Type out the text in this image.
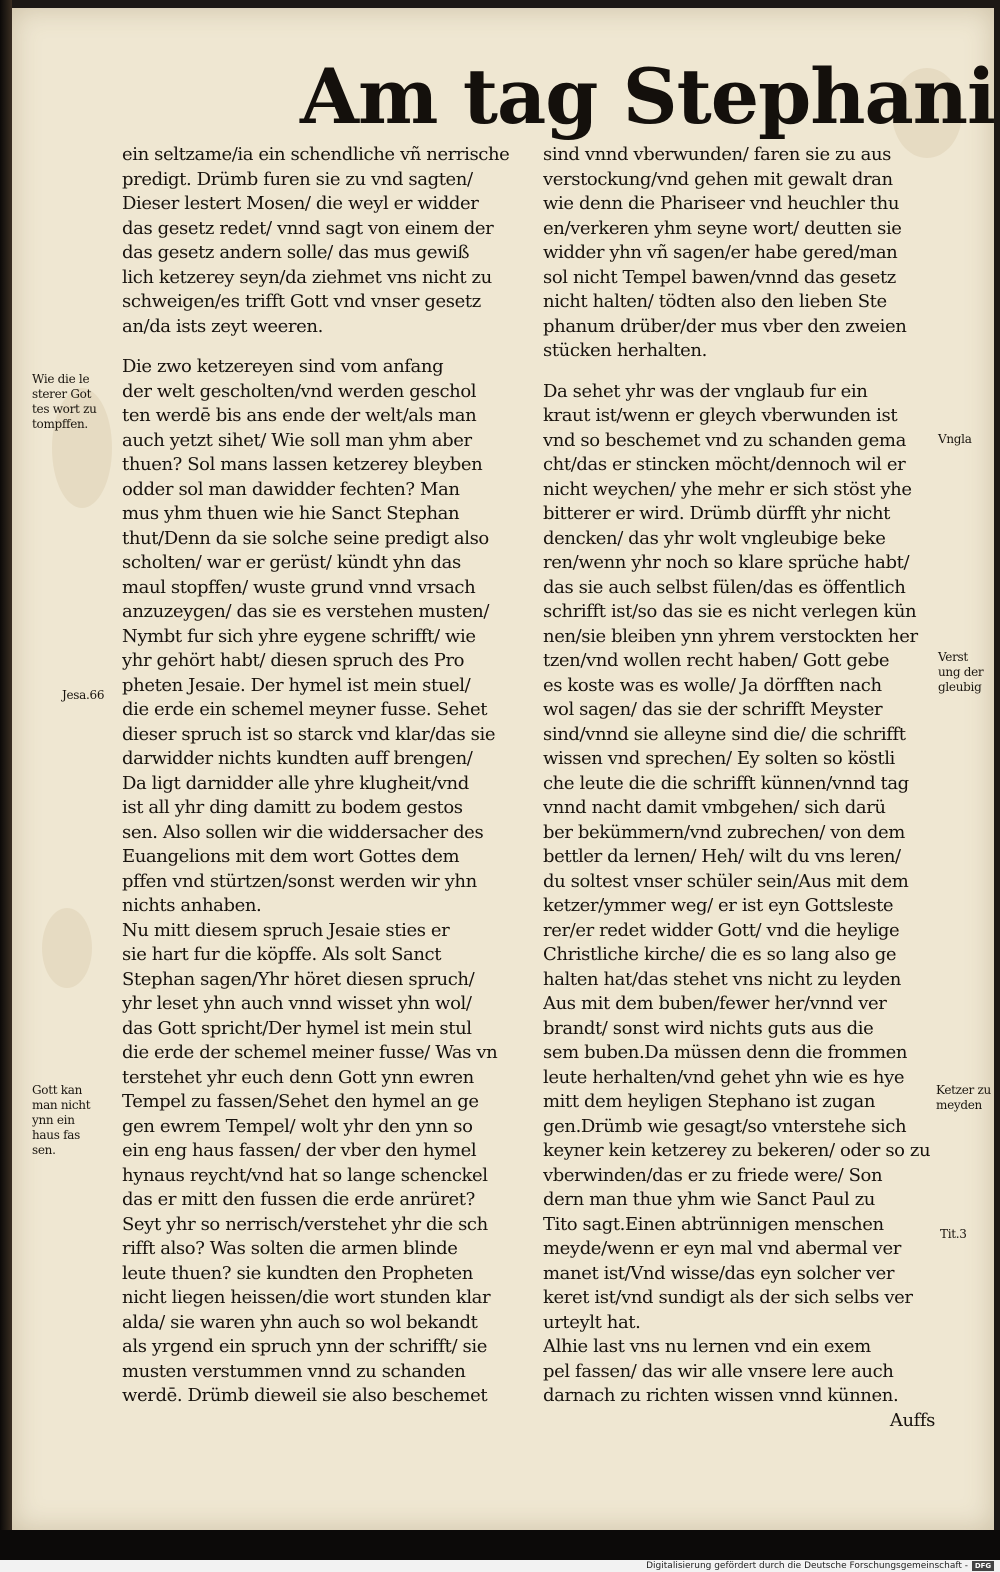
Am tag Stephani
ein seltzame/ia ein schendliche vñ nerrische
predigt. Drümb furen sie zu vnd sagten/
Dieser lestert Mosen/ die weyl er widder
das gesetz redet/ vnnd sagt von einem der
das gesetz andern solle/ das mus gewiß
lich ketzerey seyn/da ziehmet vns nicht zu
schweigen/es trifft Gott vnd vnser gesetz
an/da ists zeyt weeren.
Die zwo ketzereyen sind vom anfang
der welt gescholten/vnd werden geschol
ten werdē bis ans ende der welt/als man
auch yetzt sihet/ Wie soll man yhm aber
thuen? Sol mans lassen ketzerey bleyben
odder sol man dawidder fechten? Man
mus yhm thuen wie hie Sanct Stephan
thut/Denn da sie solche seine predigt also
scholten/ war er gerüst/ kündt yhn das
maul stopffen/ wuste grund vnnd vrsach
anzuzeygen/ das sie es verstehen musten/
Nymbt fur sich yhre eygene schrifft/ wie
yhr gehört habt/ diesen spruch des Pro
pheten Jesaie. Der hymel ist mein stuel/
die erde ein schemel meyner fusse. Sehet
dieser spruch ist so starck vnd klar/das sie
darwidder nichts kundten auff brengen/
Da ligt darnidder alle yhre klugheit/vnd
ist all yhr ding damitt zu bodem gestos
sen. Also sollen wir die widdersacher des
Euangelions mit dem wort Gottes dem
pffen vnd stürtzen/sonst werden wir yhn
nichts anhaben.
Nu mitt diesem spruch Jesaie sties er
sie hart fur die köpffe. Als solt Sanct
Stephan sagen/Yhr höret diesen spruch/
yhr leset yhn auch vnnd wisset yhn wol/
das Gott spricht/Der hymel ist mein stul
die erde der schemel meiner fusse/ Was vn
terstehet yhr euch denn Gott ynn ewren
Tempel zu fassen/Sehet den hymel an ge
gen ewrem Tempel/ wolt yhr den ynn so
ein eng haus fassen/ der vber den hymel
hynaus reycht/vnd hat so lange schenckel
das er mitt den fussen die erde anrüret?
Seyt yhr so nerrisch/verstehet yhr die sch
rifft also? Was solten die armen blinde
leute thuen? sie kundten den Propheten
nicht liegen heissen/die wort stunden klar
alda/ sie waren yhn auch so wol bekandt
als yrgend ein spruch ynn der schrifft/ sie
musten verstummen vnnd zu schanden
werdē. Drümb dieweil sie also beschemet
sind vnnd vberwunden/ faren sie zu aus
verstockung/vnd gehen mit gewalt dran
wie denn die Phariseer vnd heuchler thu
en/verkeren yhm seyne wort/ deutten sie
widder yhn vñ sagen/er habe gered/man
sol nicht Tempel bawen/vnnd das gesetz
nicht halten/ tödten also den lieben Ste
phanum drüber/der mus vber den zweien
stücken herhalten.
Da sehet yhr was der vnglaub fur ein
kraut ist/wenn er gleych vberwunden ist
vnd so beschemet vnd zu schanden gema
cht/das er stincken möcht/dennoch wil er
nicht weychen/ yhe mehr er sich stöst yhe
bitterer er wird. Drümb dürfft yhr nicht
dencken/ das yhr wolt vngleubige beke
ren/wenn yhr noch so klare sprüche habt/
das sie auch selbst fülen/das es öffentlich
schrifft ist/so das sie es nicht verlegen kün
nen/sie bleiben ynn yhrem verstockten her
tzen/vnd wollen recht haben/ Gott gebe
es koste was es wolle/ Ja dörfften nach
wol sagen/ das sie der schrifft Meyster
sind/vnnd sie alleyne sind die/ die schrifft
wissen vnd sprechen/ Ey solten so köstli
che leute die die schrifft künnen/vnnd tag
vnnd nacht damit vmbgehen/ sich darü
ber bekümmern/vnd zubrechen/ von dem
bettler da lernen/ Heh/ wilt du vns leren/
du soltest vnser schüler sein/Aus mit dem
ketzer/ymmer weg/ er ist eyn Gottsleste
rer/er redet widder Gott/ vnd die heylige
Christliche kirche/ die es so lang also ge
halten hat/das stehet vns nicht zu leyden
Aus mit dem buben/fewer her/vnnd ver
brandt/ sonst wird nichts guts aus die
sem buben.Da müssen denn die frommen
leute herhalten/vnd gehet yhn wie es hye
mitt dem heyligen Stephano ist zugan
gen.Drümb wie gesagt/so vnterstehe sich
keyner kein ketzerey zu bekeren/ oder so zu
vberwinden/das er zu friede were/ Son
dern man thue yhm wie Sanct Paul zu
Tito sagt.Einen abtrünnigen menschen
meyde/wenn er eyn mal vnd abermal ver
manet ist/Vnd wisse/das eyn solcher ver
keret ist/vnd sundigt als der sich selbs ver
urteylt hat.
Alhie last vns nu lernen vnd ein exem
pel fassen/ das wir alle vnsere lere auch
darnach zu richten wissen vnnd künnen.
Auffs
Wie die le
sterer Got
tes wort zu
tompffen.
Jesa.66
Gott kan
man nicht
ynn ein
haus fas
sen.
Vngla
Verst
ung der
gleubig
Ketzer zu
meyden
Tit.3
Digitalisierung gefördert durch die Deutsche Forschungsgemeinschaft - DFG
